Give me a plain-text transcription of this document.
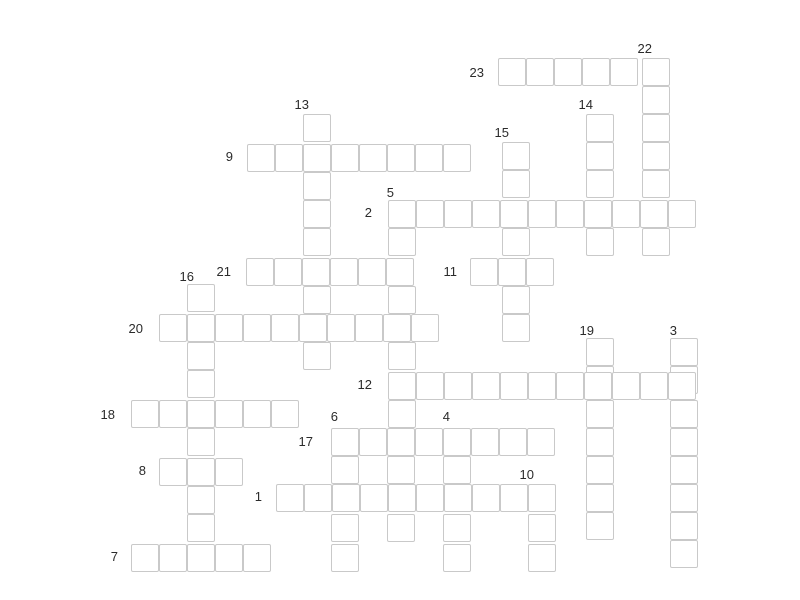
1
2
3
4
5
6
7
8
9
10
11
12
13	14
15
16
17
18
19
20
21
22
23
